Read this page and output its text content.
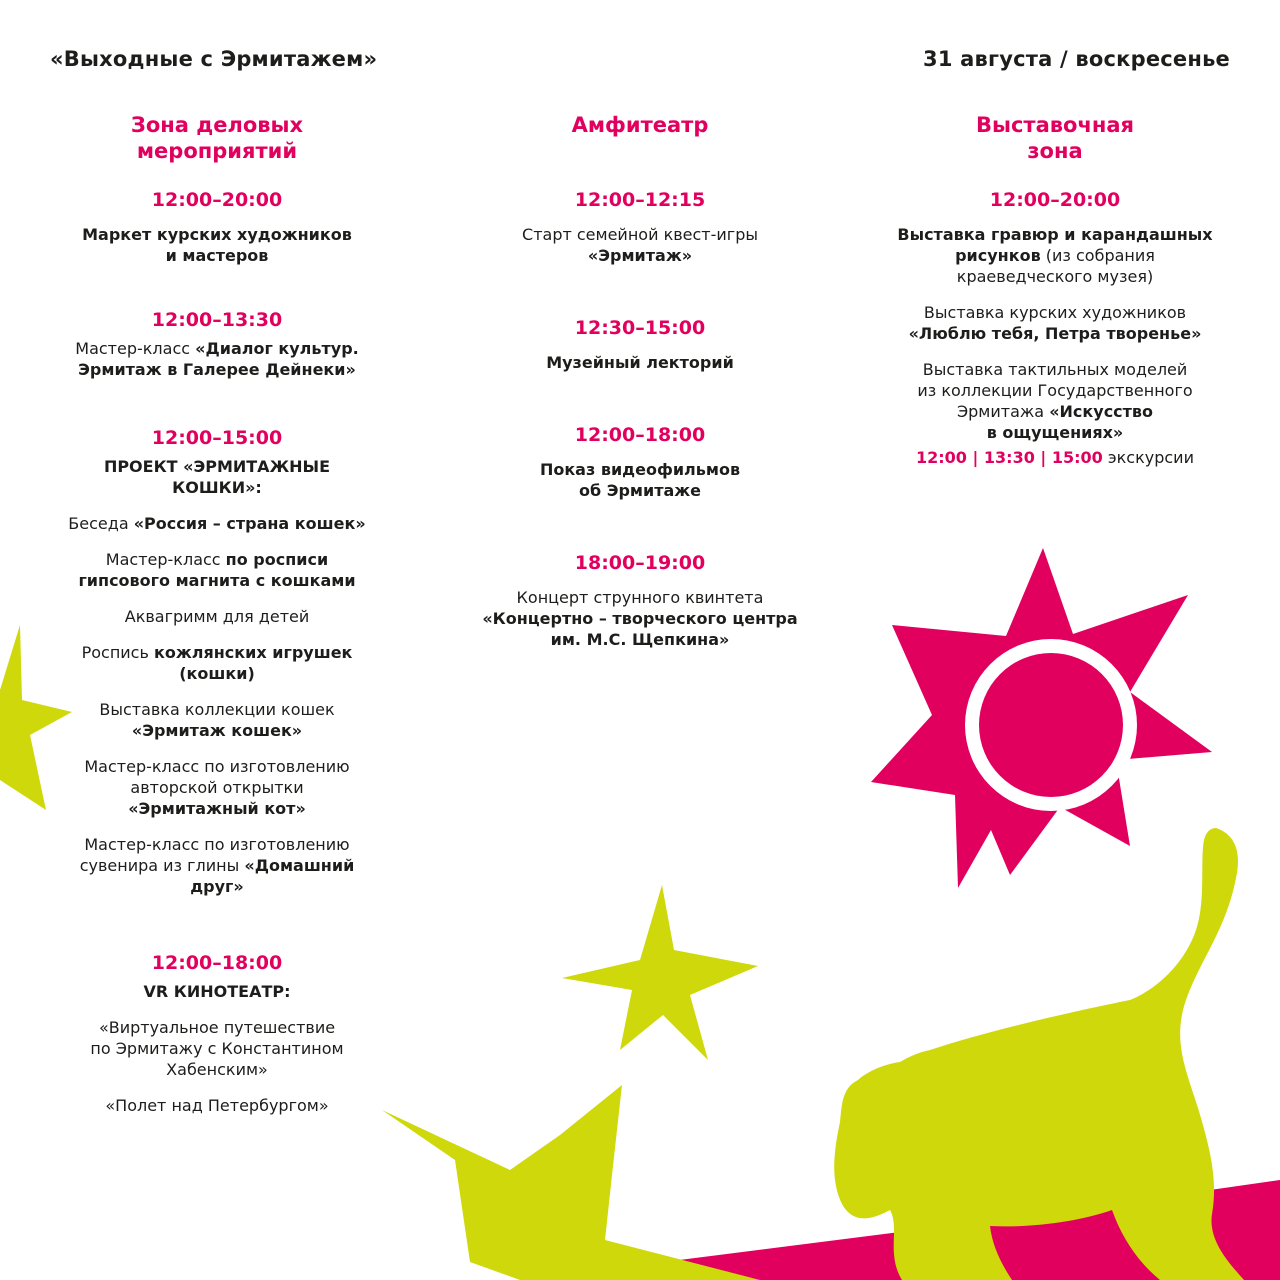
«Выходные с Эрмитажем»	31 августа / воскресенье
Зона деловых
мероприятий
12:00–20:00
Маркет курских художников
и мастеров
12:00–13:30
Мастер-класс «Диалог культур.
Эрмитаж в Галерее Дейнеки»
12:00–15:00
ПРОЕКТ «ЭРМИТАЖНЫЕ
КОШКИ»:
Беседа «Россия – страна кошек»
Мастер-класс по росписи
гипсового магнита с кошками
Аквагримм для детей
Роспись кожлянских игрушек
(кошки)
Выставка коллекции кошек
«Эрмитаж кошек»
Мастер-класс по изготовлению
авторской открытки
«Эрмитажный кот»
Мастер-класс по изготовлению
сувенира из глины «Домашний
друг»
12:00–18:00
VR КИНОТЕАТР:
«Виртуальное путешествие
по Эрмитажу с Константином
Хабенским»
«Полет над Петербургом»
Амфитеатр
12:00–12:15
Старт семейной квест-игры
«Эрмитаж»
12:30–15:00
Музейный лекторий
12:00–18:00
Показ видеофильмов
об Эрмитаже
18:00–19:00
Концерт струнного квинтета
«Концертно – творческого центра
им. М.С. Щепкина»
Выставочная
зона
12:00–20:00
Выставка гравюр и карандашных
рисунков (из собрания
краеведческого музея)
Выставка курских художников
«Люблю тебя, Петра творенье»
Выставка тактильных моделей
из коллекции Государственного
Эрмитажа «Искусство
в ощущениях»
12:00 | 13:30 | 15:00 экскурсии
